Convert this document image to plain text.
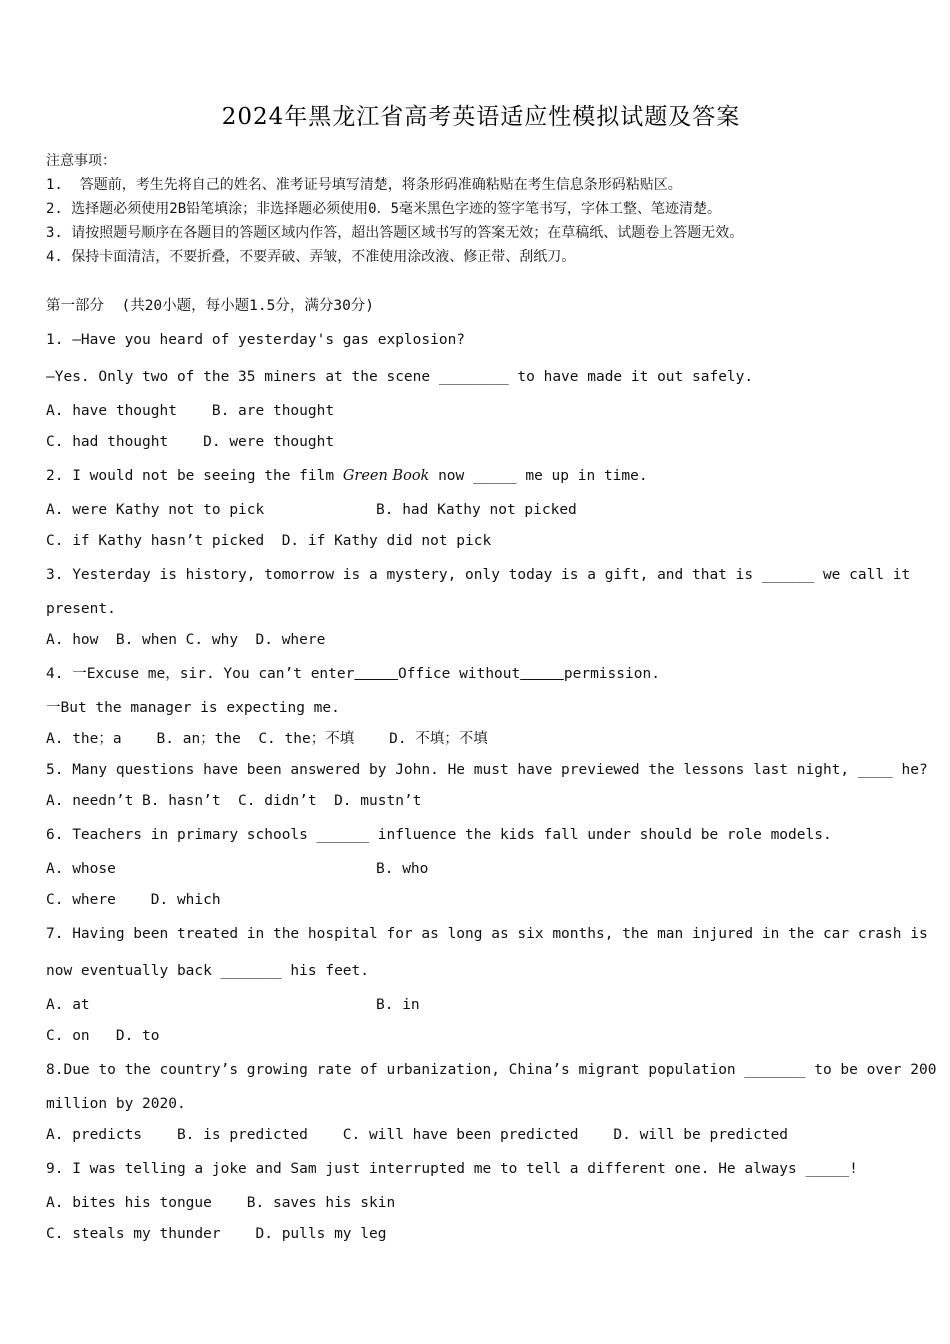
2024年黑龙江省高考英语适应性模拟试题及答案
注意事项：
1.  答题前，考生先将自己的姓名、准考证号填写清楚，将条形码准确粘贴在考生信息条形码粘贴区。
2. 选择题必须使用2B铅笔填涂；非选择题必须使用0．5毫米黑色字迹的签字笔书写，字体工整、笔迹清楚。
3. 请按照题号顺序在各题目的答题区域内作答，超出答题区域书写的答案无效；在草稿纸、试题卷上答题无效。
4. 保持卡面清洁，不要折叠，不要弄破、弄皱，不准使用涂改液、修正带、刮纸刀。
第一部分  (共20小题，每小题1.5分，满分30分)
1. —Have you heard of yesterday's gas explosion?
—Yes. Only two of the 35 miners at the scene ________ to have made it out safely.
A. have thought    B. are thought
C. had thought    D. were thought
2. I would not be seeing the film Green Book now _____ me up in time.
A. were Kathy not to pick	B. had Kathy not picked
C. if Kathy hasn’t picked  D. if Kathy did not pick
3. Yesterday is history, tomorrow is a mystery, only today is a gift, and that is ______ we call it
present.
A. how  B. when C. why  D. where
4. 一Excuse me，sir. You can’t enter	Office without	permission.
一But the manager is expecting me.
A. the；a    B. an；the  C. the；不填    D. 不填；不填
5. Many questions have been answered by John. He must have previewed the lessons last night, ____ he?
A. needn’t B. hasn’t  C. didn’t  D. mustn’t
6. Teachers in primary schools ______ influence the kids fall under should be role models.
A. whose	B. who
C. where    D. which
7. Having been treated in the hospital for as long as six months, the man injured in the car crash is
now eventually back _______ his feet.
A. at	B. in
C. on   D. to
8.Due to the country’s growing rate of urbanization, China’s migrant population _______ to be over 200
million by 2020.
A. predicts    B. is predicted    C. will have been predicted    D. will be predicted
9. I was telling a joke and Sam just interrupted me to tell a different one. He always _____!
A. bites his tongue    B. saves his skin
C. steals my thunder    D. pulls my leg
